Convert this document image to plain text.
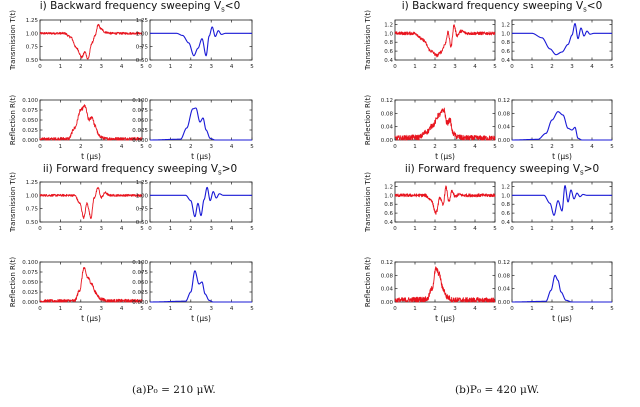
i) Backward frequency sweeping $V_s<0$
ii) Forward frequency sweeping $V_s>0$
i) Backward frequency sweeping $V_s<0$
ii) Forward frequency sweeping $V_s>0$
0	1	2	3	4	5
0.50
0.75
1.00
1.25
Transmission T(t)	0	1	2	3	4	5
0.50
0.75
1.00
1.25
0	1	2	3	4	5
0.000
0.025
0.050
0.075
0.100
Reflection R(t)
t (μs)
0	1	2	3	4	5
0.000
0.025
0.050
0.075
0.100
t (μs)
0	1	2	3	4	5
0.50
0.75
1.00
1.25
Transmission T(t)	0	1	2	3	4	5
0.50
0.75
1.00
1.25
0	1	2	3	4	5
0.000
0.025
0.050
0.075
0.100
Reflection R(t)
t (μs)
0	1	2	3	4	5
0.000
0.025
0.050
0.075
0.100
t (μs)
0	1	2	3	4	5
0.4
0.6
0.8
1.0
1.2
Transmission T(t)	0	1	2	3	4	5
0.4
0.6
0.8
1.0
1.2
0	1	2	3	4	5
0.00
0.04
0.08
0.12
Reflection R(t)
t (μs)
0	1	2	3	4	5
0.00
0.04
0.08
0.12
t (μs)
0	1	2	3	4	5
0.4
0.6
0.8
1.0
1.2
Transmission T(t)	0	1	2	3	4	5
0.4
0.6
0.8
1.0
1.2
0	1	2	3	4	5
0.00
0.04
0.08
0.12
Reflection R(t)
t (μs)
0	1	2	3	4	5
0.00
0.04
0.08
0.12
t (μs)
(a)P₀ = 210 μW.	(b)P₀ = 420 μW.
